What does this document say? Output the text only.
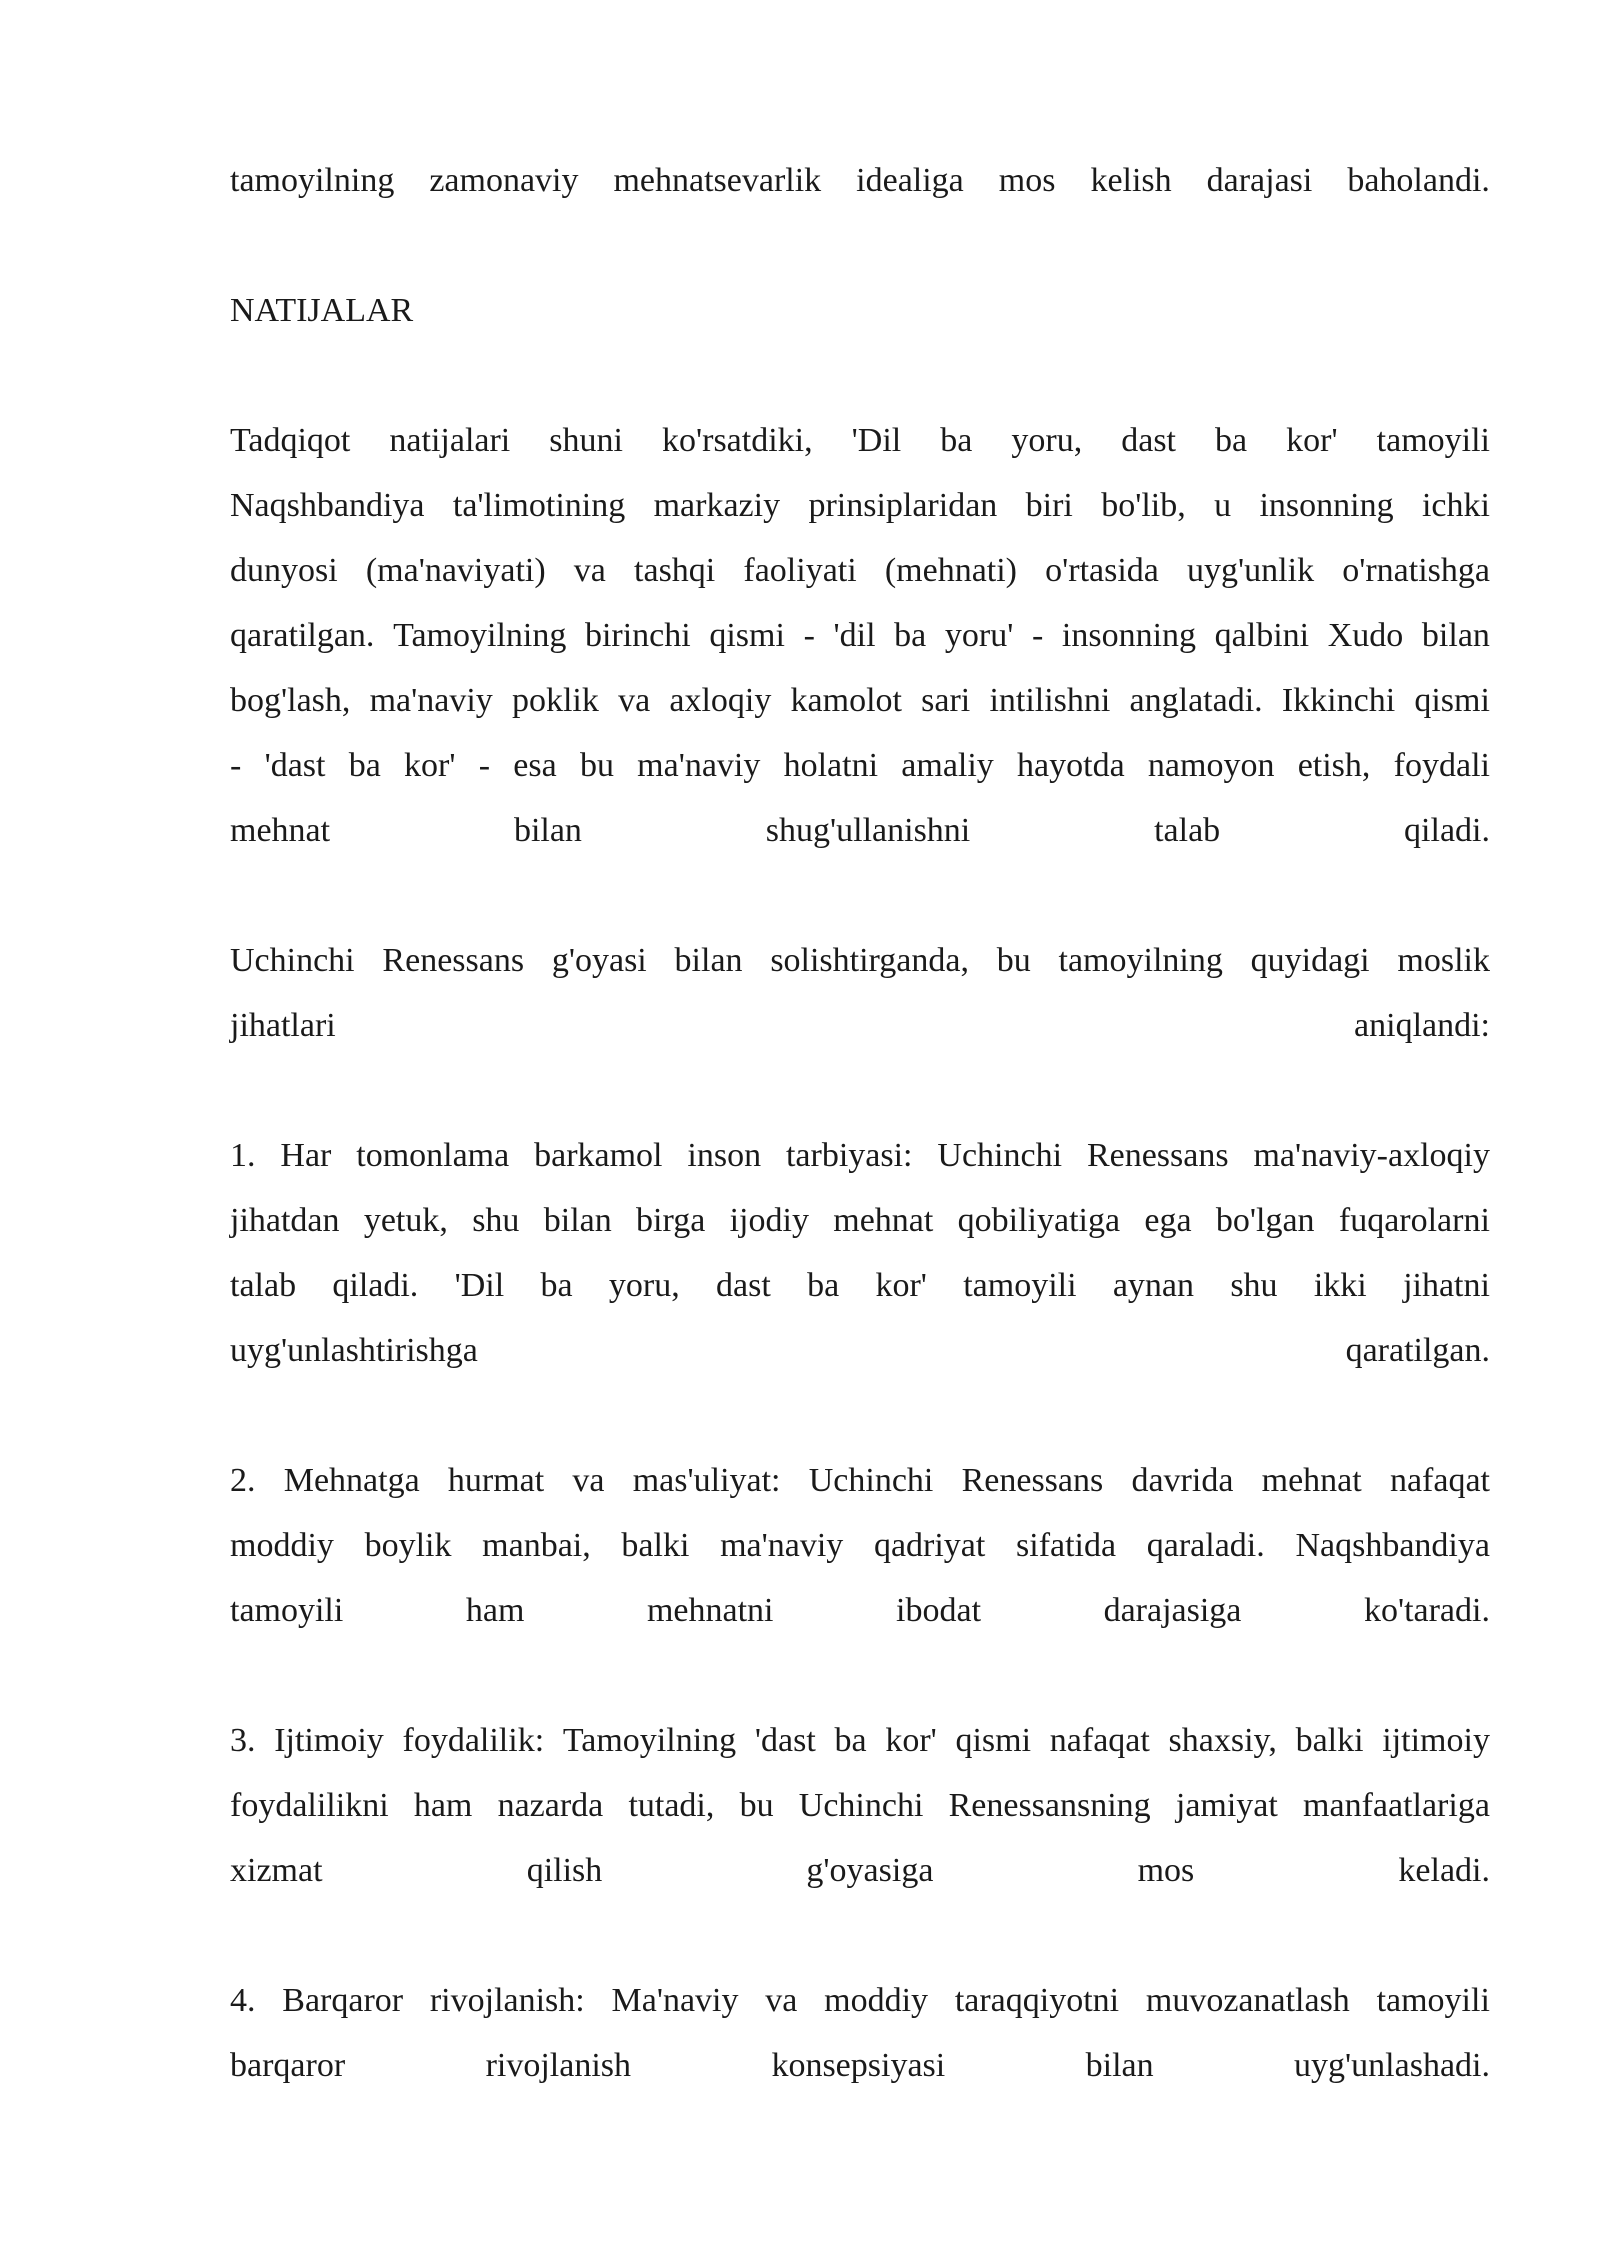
tamoyilning zamonaviy mehnatsevarlik idealiga mos kelish darajasi baholandi.
NATIJALAR
Tadqiqot natijalari shuni ko'rsatdiki, 'Dil ba yoru, dast ba kor' tamoyili
Naqshbandiya ta'limotining markaziy prinsiplaridan biri bo'lib, u insonning ichki
dunyosi (ma'naviyati) va tashqi faoliyati (mehnati) o'rtasida uyg'unlik o'rnatishga
qaratilgan. Tamoyilning birinchi qismi - 'dil ba yoru' - insonning qalbini Xudo bilan
bog'lash, ma'naviy poklik va axloqiy kamolot sari intilishni anglatadi. Ikkinchi qismi
- 'dast ba kor' - esa bu ma'naviy holatni amaliy hayotda namoyon etish, foydali
mehnat	bilan	shug'ullanishni	talab	qiladi.
Uchinchi Renessans g'oyasi bilan solishtirganda, bu tamoyilning quyidagi moslik
jihatlari	aniqlandi:
1. Har tomonlama barkamol inson tarbiyasi: Uchinchi Renessans ma'naviy-axloqiy
jihatdan yetuk, shu bilan birga ijodiy mehnat qobiliyatiga ega bo'lgan fuqarolarni
talab qiladi. 'Dil ba yoru, dast ba kor' tamoyili aynan shu ikki jihatni
uyg'unlashtirishga	qaratilgan.
2. Mehnatga hurmat va mas'uliyat: Uchinchi Renessans davrida mehnat nafaqat
moddiy boylik manbai, balki ma'naviy qadriyat sifatida qaraladi. Naqshbandiya
tamoyili	ham	mehnatni	ibodat	darajasiga	ko'taradi.
3. Ijtimoiy foydalilik: Tamoyilning 'dast ba kor' qismi nafaqat shaxsiy, balki ijtimoiy
foydalilikni ham nazarda tutadi, bu Uchinchi Renessansning jamiyat manfaatlariga
xizmat	qilish	g'oyasiga	mos	keladi.
4. Barqaror rivojlanish: Ma'naviy va moddiy taraqqiyotni muvozanatlash tamoyili
barqaror	rivojlanish	konsepsiyasi	bilan	uyg'unlashadi.
